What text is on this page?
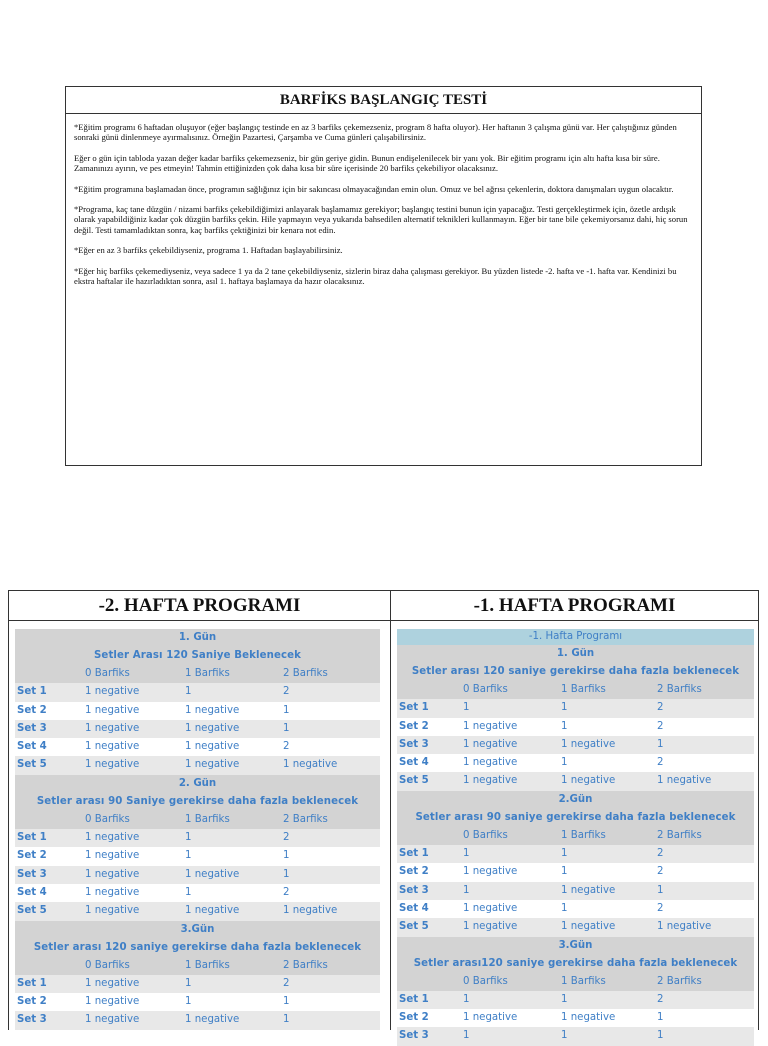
BARFİKS BAŞLANGIÇ TESTİ

*Eğitim programı 6 haftadan oluşuyor (eğer başlangıç testinde en az 3 barfiks çekemezseniz, program 8 hafta oluyor). Her haftanın 3 çalışma günü var. Her çalıştığınız günden sonraki günü dinlenmeye ayırmalısınız. Örneğin Pazartesi, Çarşamba ve Cuma günleri çalışabilirsiniz.

Eğer o gün için tabloda yazan değer kadar barfiks çekemezseniz, bir gün geriye gidin. Bunun endişelenilecek bir yanı yok. Bir eğitim programı için altı hafta kısa bir süre. Zamanınızı ayırın, ve pes etmeyin! Tahmin ettiğinizden çok daha kısa bir süre içerisinde 20 barfiks çekebiliyor olacaksınız.

*Eğitim programına başlamadan önce, programın sağlığınız için bir sakıncası olmayacağından emin olun. Omuz ve bel ağrısı çekenlerin, doktora danışmaları uygun olacaktır.

*Programa, kaç tane düzgün / nizami barfiks çekebildiğimizi anlayarak başlamamız gerekiyor; başlangıç testini bunun için yapacağız. Testi gerçekleştirmek için, özetle ardışık olarak yapabildiğiniz kadar çok düzgün barfiks çekin. Hile yapmayın veya yukarıda bahsedilen alternatif teknikleri kullanmayın. Eğer bir tane bile çekemiyorsanız dahi, hiç sorun değil. Testi tamamladıktan sonra, kaç barfiks çektiğinizi bir kenara not edin.

*Eğer en az 3 barfiks çekebildiyseniz, programa 1. Haftadan başlayabilirsiniz.

*Eğer hiç barfiks çekemediyseniz, veya sadece 1 ya da 2 tane çekebildiyseniz, sizlerin biraz daha çalışması gerekiyor. Bu yüzden listede -2. hafta ve -1. hafta var. Kendinizi bu ekstra haftalar ile hazırladıktan sonra, asıl 1. haftaya başlamaya da hazır olacaksınız.

-2. HAFTA PROGRAMI
1. Gün
Setler Arası 120 Saniye Beklenecek
0 Barfiks	1 Barfiks	2 Barfiks
Set 1	1 negative	1	2
Set 2	1 negative	1 negative	1
Set 3	1 negative	1 negative	1
Set 4	1 negative	1 negative	2
Set 5	1 negative	1 negative	1 negative
2. Gün
Setler arası 90 Saniye gerekirse daha fazla beklenecek
0 Barfiks	1 Barfiks	2 Barfiks
Set 1	1 negative	1	2
Set 2	1 negative	1	1
Set 3	1 negative	1 negative	1
Set 4	1 negative	1	2
Set 5	1 negative	1 negative	1 negative
3.Gün
Setler arası 120 saniye gerekirse daha fazla beklenecek
0 Barfiks	1 Barfiks	2 Barfiks
Set 1	1 negative	1	2
Set 2	1 negative	1	1
Set 3	1 negative	1 negative	1
-1. HAFTA PROGRAMI
-1. Hafta Programı
1. Gün
Setler arası 120 saniye gerekirse daha fazla beklenecek
0 Barfiks	1 Barfiks	2 Barfiks
Set 1	1	1	2
Set 2	1 negative	1	2
Set 3	1 negative	1 negative	1
Set 4	1 negative	1	2
Set 5	1 negative	1 negative	1 negative
2.Gün
Setler arası 90 saniye gerekirse daha fazla beklenecek
0 Barfiks	1 Barfiks	2 Barfiks
Set 1	1	1	2
Set 2	1 negative	1	2
Set 3	1	1 negative	1
Set 4	1 negative	1	2
Set 5	1 negative	1 negative	1 negative
3.Gün
Setler arası120 saniye gerekirse daha fazla beklenecek
0 Barfiks	1 Barfiks	2 Barfiks
Set 1	1	1	2
Set 2	1 negative	1 negative	1
Set 3	1	1	1
